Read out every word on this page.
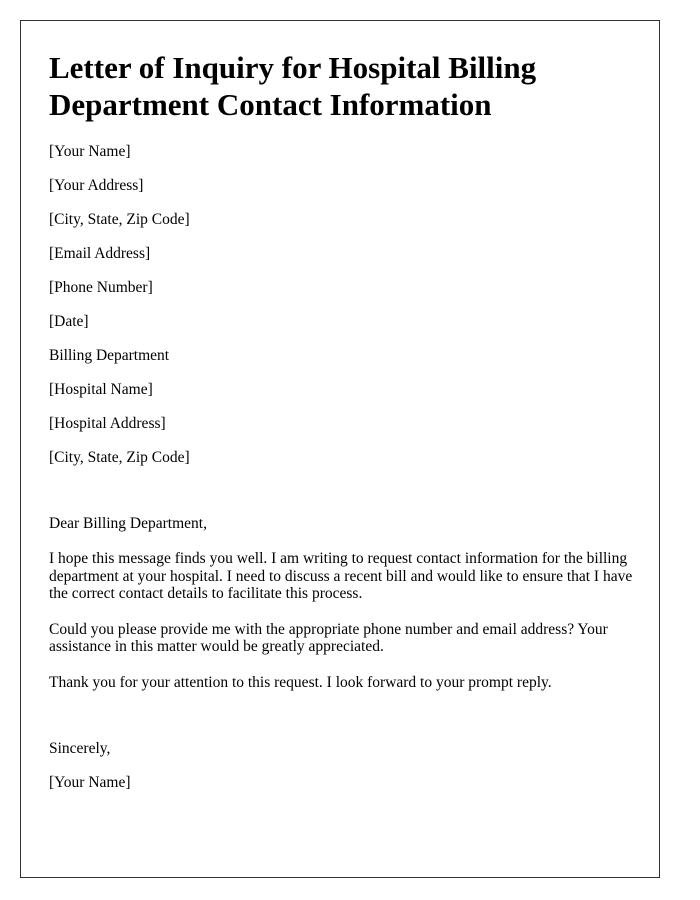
Letter of Inquiry for Hospital Billing Department Contact Information

[Your Name]

[Your Address]

[City, State, Zip Code]

[Email Address]

[Phone Number]

[Date]

Billing Department

[Hospital Name]

[Hospital Address]

[City, State, Zip Code]

Dear Billing Department,

I hope this message finds you well. I am writing to request contact information for the billing department at your hospital. I need to discuss a recent bill and would like to ensure that I have the correct contact details to facilitate this process.

Could you please provide me with the appropriate phone number and email address? Your assistance in this matter would be greatly appreciated.

Thank you for your attention to this request. I look forward to your prompt reply.

Sincerely,

[Your Name]
